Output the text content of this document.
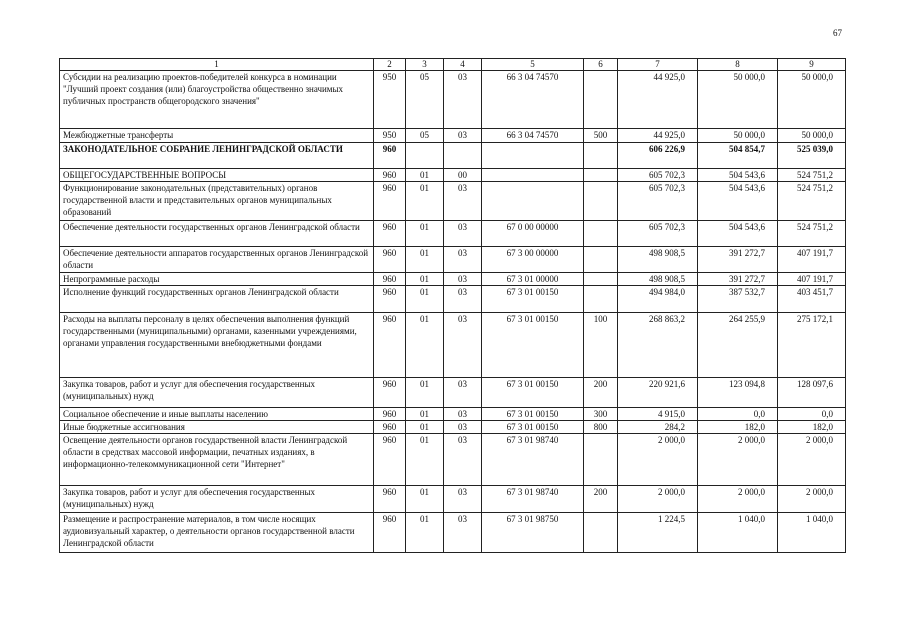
67
1	2	3	4	5	6	7	8	9
Субсидии на реализацию проектов-победителей конкурса в номинации "Лучший проект создания (или) благоустройства общественно значимых публичных пространств общегородского значения"	950	05	03	66 3 04 74570		44 925,0	50 000,0	50 000,0
Межбюджетные трансферты	950	05	03	66 3 04 74570	500	44 925,0	50 000,0	50 000,0
ЗАКОНОДАТЕЛЬНОЕ СОБРАНИЕ ЛЕНИНГРАДСКОЙ ОБЛАСТИ	960					606 226,9	504 854,7	525 039,0
ОБЩЕГОСУДАРСТВЕННЫЕ ВОПРОСЫ	960	01	00			605 702,3	504 543,6	524 751,2
Функционирование законодательных (представительных) органов государственной власти и представительных органов муниципальных образований	960	01	03			605 702,3	504 543,6	524 751,2
Обеспечение деятельности государственных органов Ленинградской области	960	01	03	67 0 00 00000		605 702,3	504 543,6	524 751,2
Обеспечение деятельности аппаратов государственных органов Ленинградской области	960	01	03	67 3 00 00000		498 908,5	391 272,7	407 191,7
Непрограммные расходы	960	01	03	67 3 01 00000		498 908,5	391 272,7	407 191,7
Исполнение функций государственных органов Ленинградской области	960	01	03	67 3 01 00150		494 984,0	387 532,7	403 451,7
Расходы на выплаты персоналу в целях обеспечения выполнения функций государственными (муниципальными) органами, казенными учреждениями, органами управления государственными внебюджетными фондами	960	01	03	67 3 01 00150	100	268 863,2	264 255,9	275 172,1
Закупка товаров, работ и услуг для обеспечения государственных (муниципальных) нужд	960	01	03	67 3 01 00150	200	220 921,6	123 094,8	128 097,6
Социальное обеспечение и иные выплаты населению	960	01	03	67 3 01 00150	300	4 915,0	0,0	0,0
Иные бюджетные ассигнования	960	01	03	67 3 01 00150	800	284,2	182,0	182,0
Освещение деятельности органов государственной власти Ленинградской области в средствах массовой информации, печатных изданиях, в информационно-телекоммуникационной сети "Интернет"	960	01	03	67 3 01 98740		2 000,0	2 000,0	2 000,0
Закупка товаров, работ и услуг для обеспечения государственных (муниципальных) нужд	960	01	03	67 3 01 98740	200	2 000,0	2 000,0	2 000,0
Размещение и распространение материалов, в том числе носящих аудиовизуальный характер, о деятельности органов государственной власти Ленинградской области	960	01	03	67 3 01 98750		1 224,5	1 040,0	1 040,0
